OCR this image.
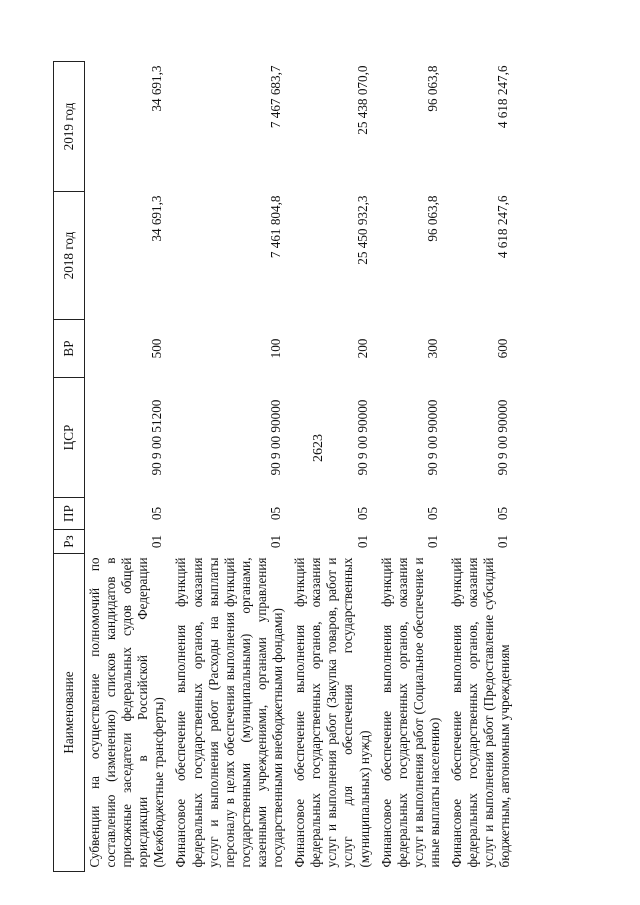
2623
Наименование	Рз	ПР	ЦСР	ВР	2018 год	2019 год
Субвенции на осуществление полномочий по составлению (изменению) списков кандидатов в присяжные заседатели федеральных судов общей юрисдикции в Российской Федерации (Межбюджетные трансферты)	01	05	90 9 00 51200	500	34 691,3	34 691,3
Финансовое обеспечение выполнения функций федеральных государственных органов, оказания услуг и выполнения работ (Расходы на выплаты персоналу в целях обеспечения выполнения функций государственными (муниципальными) органами, казенными учреждениями, органами управления государственными внебюджетными фондами)	01	05	90 9 00 90000	100	7 461 804,8	7 467 683,7
Финансовое обеспечение выполнения функций федеральных государственных органов, оказания услуг и выполнения работ (Закупка товаров, работ и услуг для обеспечения государственных (муниципальных) нужд)	01	05	90 9 00 90000	200	25 450 932,3	25 438 070,0
Финансовое обеспечение выполнения функций федеральных государственных органов, оказания услуг и выполнения работ (Социальное обеспечение и иные выплаты населению)	01	05	90 9 00 90000	300	96 063,8	96 063,8
Финансовое обеспечение выполнения функций федеральных государственных органов, оказания услуг и выполнения работ (Предоставление субсидий бюджетным, автономным учреждениям	01	05	90 9 00 90000	600	4 618 247,6	4 618 247,6
